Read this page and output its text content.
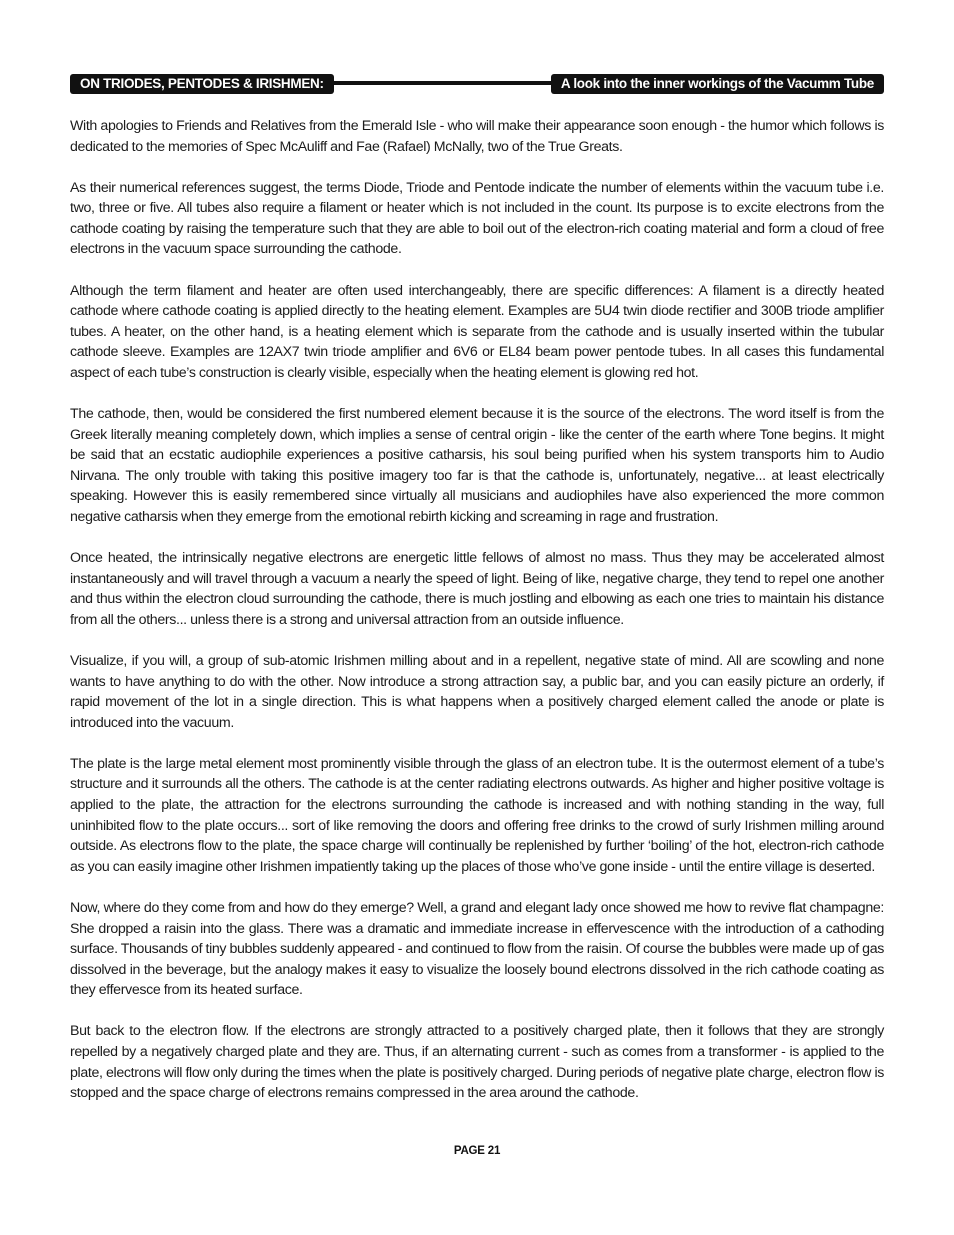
ON TRIODES, PENTODES & IRISHMEN:	A look into the inner workings of the Vacumm Tube

With apologies to Friends and Relatives from the Emerald Isle - who will make their appearance soon enough - the humor which follows is dedicated to the memories of Spec McAuliff and Fae (Rafael) McNally, two of the True Greats.

As their numerical references suggest, the terms Diode, Triode and Pentode indicate the number of elements within the vacuum tube i.e. two, three or five. All tubes also require a filament or heater which is not included in the count. Its purpose is to excite electrons from the cathode coating by raising the temperature such that they are able to boil out of the electron-rich coating material and form a cloud of free electrons in the vacuum space surrounding the cathode.

Although the term filament and heater are often used interchangeably, there are specific differences: A filament is a directly heated cathode where cathode coating is applied directly to the heating element. Examples are 5U4 twin diode rectifier and 300B triode amplifier tubes. A heater, on the other hand, is a heating element which is separate from the cathode and is usually inserted within the tubular cathode sleeve. Examples are 12AX7 twin triode amplifier and 6V6 or EL84 beam power pentode tubes. In all cases this fundamental aspect of each tube’s construction is clearly visible, especially when the heating element is glowing red hot.

The cathode, then, would be considered the first numbered element because it is the source of the electrons. The word itself is from the Greek literally meaning completely down, which implies a sense of central origin - like the center of the earth where Tone begins. It might be said that an ecstatic audiophile experiences a positive catharsis, his soul being purified when his system transports him to Audio Nirvana. The only trouble with taking this positive imagery too far is that the cathode is, unfortunately, negative... at least electrically speaking. However this is easily remembered since virtually all musicians and audiophiles have also experienced the more common negative catharsis when they emerge from the emotional rebirth kicking and screaming in rage and frustration.

Once heated, the intrinsically negative electrons are energetic little fellows of almost no mass. Thus they may be accelerated almost instantaneously and will travel through a vacuum a nearly the speed of light. Being of like, negative charge, they tend to repel one another and thus within the electron cloud surrounding the cathode, there is much jostling and elbowing as each one tries to maintain his distance from all the others... unless there is a strong and universal attraction from an outside influence.

Visualize, if you will, a group of sub-atomic Irishmen milling about and in a repellent, negative state of mind. All are scowling and none wants to have anything to do with the other. Now introduce a strong attraction say, a public bar, and you can easily picture an orderly, if rapid movement of the lot in a single direction. This is what happens when a positively charged element called the anode or plate is introduced into the vacuum.

The plate is the large metal element most prominently visible through the glass of an electron tube. It is the outermost element of a tube’s structure and it surrounds all the others. The cathode is at the center radiating electrons outwards. As higher and higher positive voltage is applied to the plate, the attraction for the electrons surrounding the cathode is increased and with nothing standing in the way, full uninhibited flow to the plate occurs... sort of like removing the doors and offering free drinks to the crowd of surly Irishmen milling around outside. As electrons flow to the plate, the space charge will continually be replenished by further ‘boiling’ of the hot, electron-rich cathode as you can easily imagine other Irishmen impatiently taking up the places of those who’ve gone inside - until the entire village is deserted.

Now, where do they come from and how do they emerge? Well, a grand and elegant lady once showed me how to revive flat champagne: She dropped a raisin into the glass. There was a dramatic and immediate increase in effervescence with the introduction of a cathoding surface. Thousands of tiny bubbles suddenly appeared - and continued to flow from the raisin. Of course the bubbles were made up of gas dissolved in the beverage, but the analogy makes it easy to visualize the loosely bound electrons dissolved in the rich cathode coating as they effervesce from its heated surface.

But back to the electron flow. If the electrons are strongly attracted to a positively charged plate, then it follows that they are strongly repelled by a negatively charged plate and they are. Thus, if an alternating current - such as comes from a transformer - is applied to the plate, electrons will flow only during the times when the plate is positively charged. During periods of negative plate charge, electron flow is stopped and the space charge of electrons remains compressed in the area around the cathode.

PAGE 21
